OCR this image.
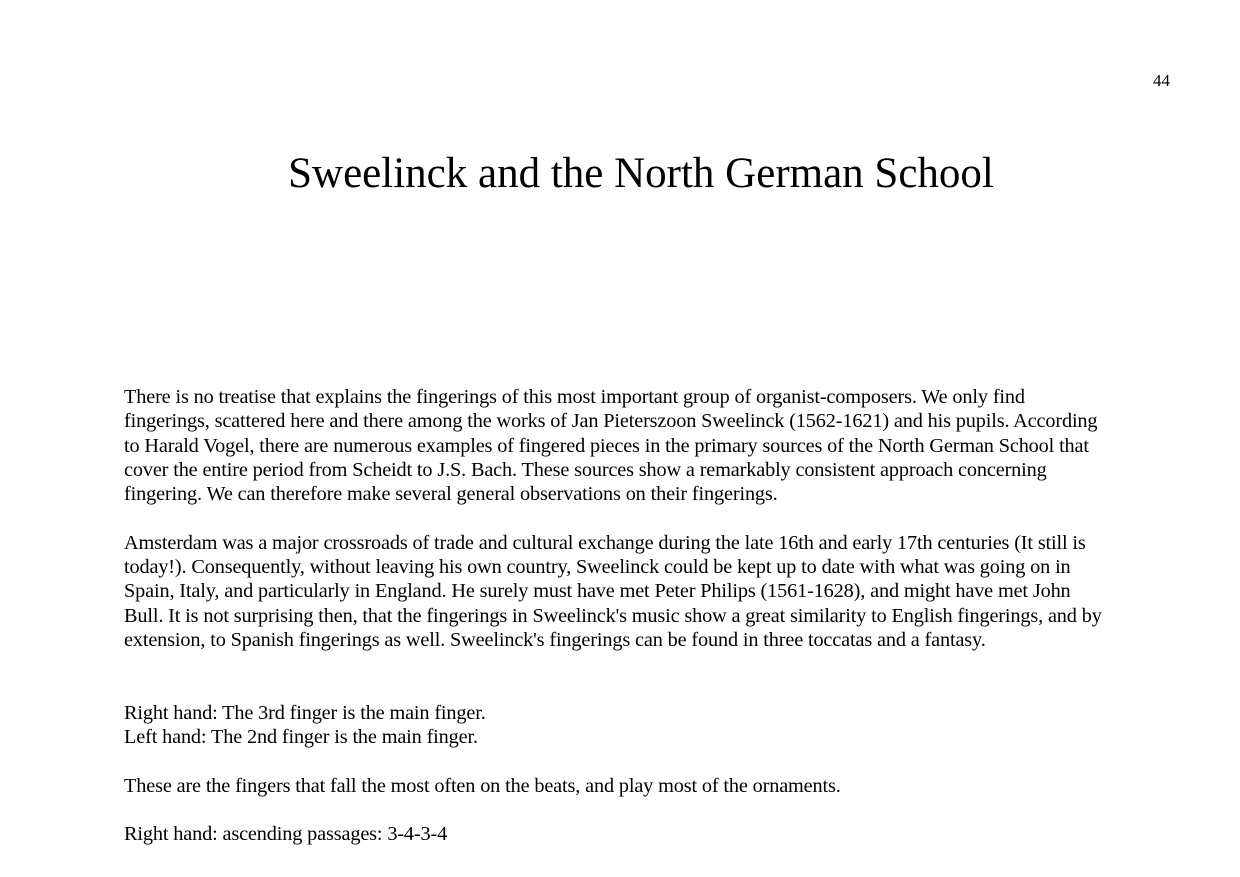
44
Sweelinck and the North German School

There is no treatise that explains the fingerings of this most important group of organist-composers. We only find fingerings, scattered here and there among the works of Jan Pieterszoon Sweelinck (1562-1621) and his pupils. According to Harald Vogel, there are numerous examples of fingered pieces in the primary sources of the North German School that cover the entire period from Scheidt to J.S. Bach. These sources show a remarkably consistent approach concerning fingering. We can therefore make several general observations on their fingerings.

Amsterdam was a major crossroads of trade and cultural exchange during the late 16th and early 17th centuries (It still is today!). Consequently, without leaving his own country, Sweelinck could be kept up to date with what was going on in Spain, Italy, and particularly in England. He surely must have met Peter Philips (1561-1628), and might have met John Bull. It is not surprising then, that the fingerings in Sweelinck's music show a great similarity to English fingerings, and by extension, to Spanish fingerings as well. Sweelinck's fingerings can be found in three toccatas and a fantasy.

Right hand: The 3rd finger is the main finger.
Left hand: The 2nd finger is the main finger.

These are the fingers that fall the most often on the beats, and play most of the ornaments.

Right hand: ascending passages: 3-4-3-4
